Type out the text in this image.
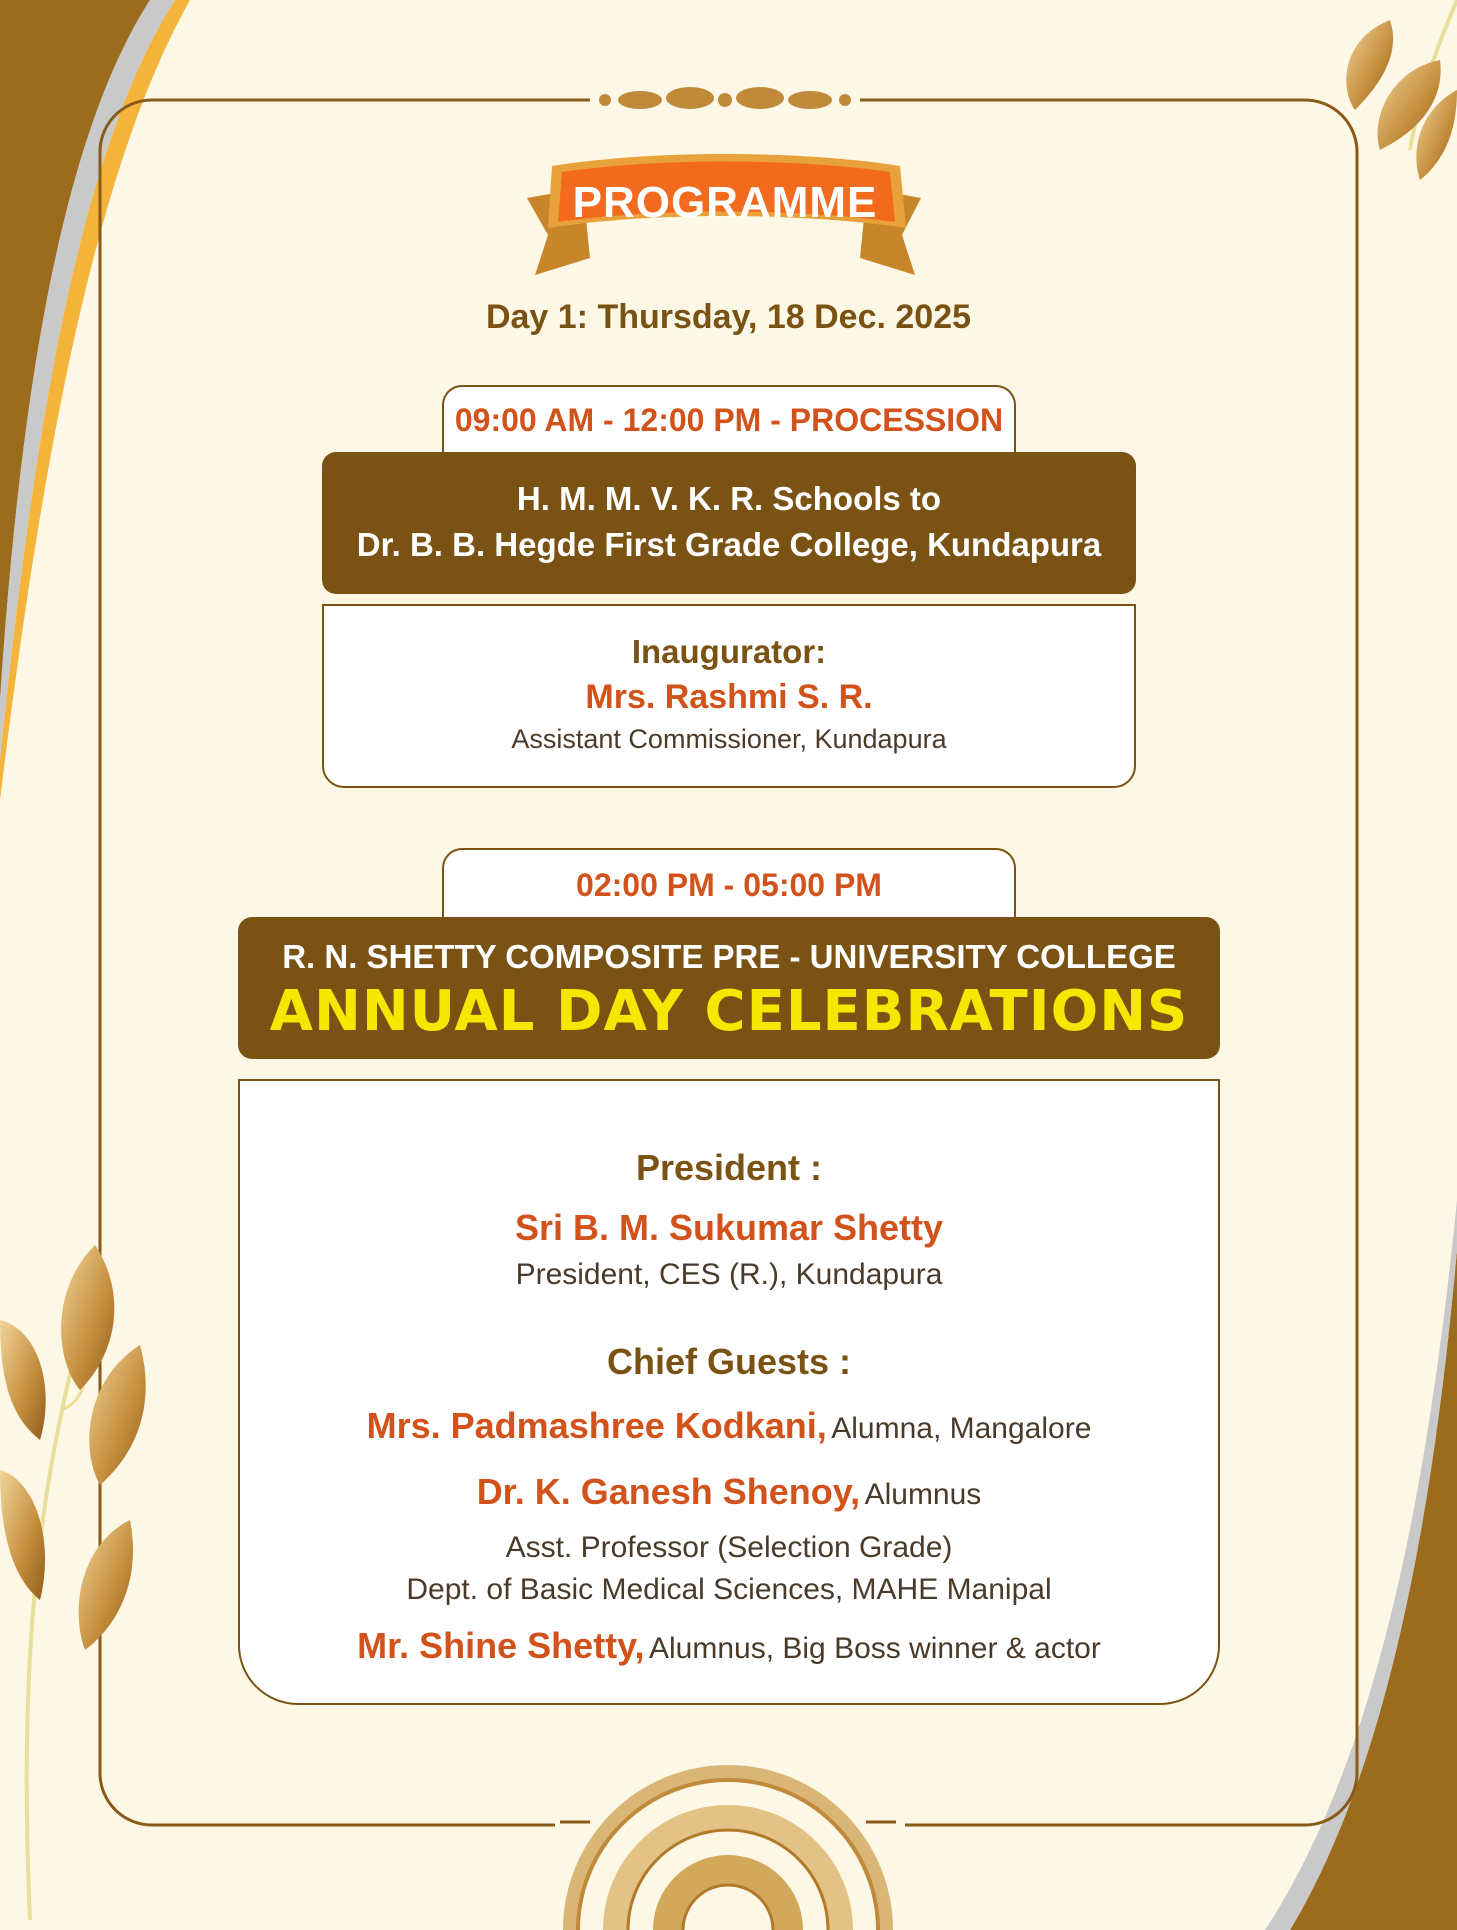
PROGRAMME
Day 1: Thursday, 18 Dec. 2025
09:00 AM - 12:00 PM - PROCESSION
H. M. M. V. K. R. Schools to
Dr. B. B. Hegde First Grade College, Kundapura
Inaugurator:
Mrs. Rashmi S. R.
Assistant Commissioner, Kundapura
02:00 PM - 05:00 PM
R. N. SHETTY COMPOSITE PRE - UNIVERSITY COLLEGE
ANNUAL DAY CELEBRATIONS
President :
Sri B. M. Sukumar Shetty
President, CES (R.), Kundapura
Chief Guests :
Mrs. Padmashree Kodkani, Alumna, Mangalore
Dr. K. Ganesh Shenoy, Alumnus
Asst. Professor (Selection Grade)
Dept. of Basic Medical Sciences, MAHE Manipal
Mr. Shine Shetty, Alumnus, Big Boss winner & actor
